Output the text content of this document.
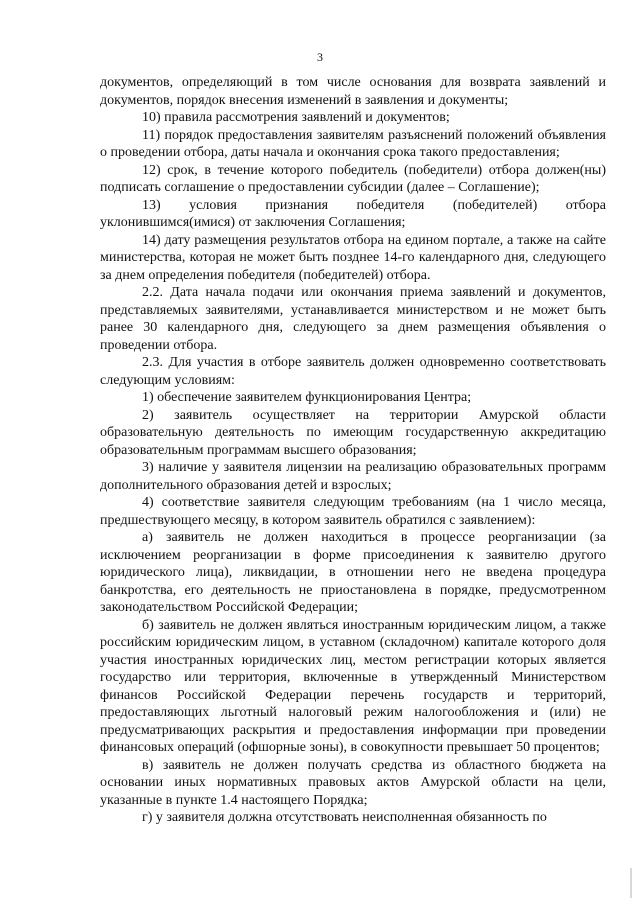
3

документов, определяющий в том числе основания для возврата заявлений и документов, порядок внесения изменений в заявления и документы;

10) правила рассмотрения заявлений и документов;

11) порядок предоставления заявителям разъяснений положений объявления о проведении отбора, даты начала и окончания срока такого предоставления;

12) срок, в течение которого победитель (победители) отбора должен(ны) подписать соглашение о предоставлении субсидии (далее – Соглашение);

13) условия признания победителя (победителей) отбора уклонившимся(имися) от заключения Соглашения;

14) дату размещения результатов отбора на едином портале, а также на сайте министерства, которая не может быть позднее 14-го календарного дня, следующего за днем определения победителя (победителей) отбора.

2.2. Дата начала подачи или окончания приема заявлений и документов, представляемых заявителями, устанавливается министерством и не может быть ранее 30 календарного дня, следующего за днем размещения объявления о проведении отбора.

2.3. Для участия в отборе заявитель должен одновременно соответствовать следующим условиям:

1) обеспечение заявителем функционирования Центра;

2) заявитель осуществляет на территории Амурской области образовательную деятельность по имеющим государственную аккредитацию образовательным программам высшего образования;

3) наличие у заявителя лицензии на реализацию образовательных программ дополнительного образования детей и взрослых;

4) соответствие заявителя следующим требованиям (на 1 число месяца, предшествующего месяцу, в котором заявитель обратился с заявлением):

а) заявитель не должен находиться в процессе реорганизации (за исключением реорганизации в форме присоединения к заявителю другого юридического лица), ликвидации, в отношении него не введена процедура банкротства, его деятельность не приостановлена в порядке, предусмотренном законодательством Российской Федерации;

б) заявитель не должен являться иностранным юридическим лицом, а также российским юридическим лицом, в уставном (складочном) капитале которого доля участия иностранных юридических лиц, местом регистрации которых является государство или территория, включенные в утвержденный Министерством финансов Российской Федерации перечень государств и территорий, предоставляющих льготный налоговый режим налогообложения и (или) не предусматривающих раскрытия и предоставления информации при проведении финансовых операций (офшорные зоны), в совокупности превышает 50 процентов;

в) заявитель не должен получать средства из областного бюджета на основании иных нормативных правовых актов Амурской области на цели, указанные в пункте 1.4 настоящего Порядка;

г) у заявителя должна отсутствовать неисполненная обязанность по
